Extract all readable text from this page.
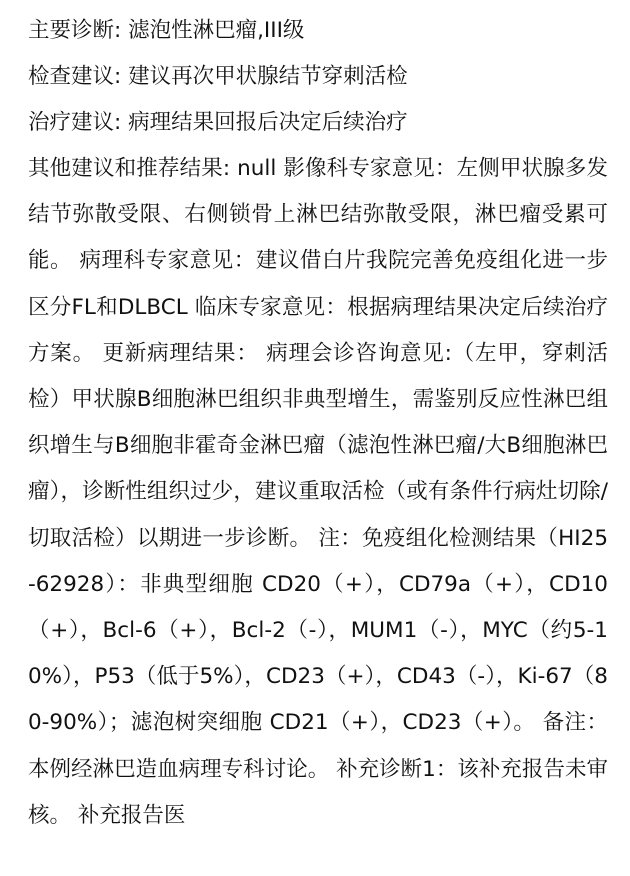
主要诊断: 滤泡性淋巴瘤,III级
检查建议: 建议再次甲状腺结节穿刺活检
治疗建议: 病理结果回报后决定后续治疗
其他建议和推荐结果: null 影像科专家意见：左侧甲状腺多发结节弥散受限、右侧锁骨上淋巴结弥散受限，淋巴瘤受累可能。 病理科专家意见：建议借白片我院完善免疫组化进一步区分FL和DLBCL 临床专家意见：根据病理结果决定后续治疗方案。 更新病理结果： 病理会诊咨询意见:（左甲，穿刺活检）甲状腺B细胞淋巴组织非典型增生，需鉴别反应性淋巴组织增生与B细胞非霍奇金淋巴瘤（滤泡性淋巴瘤/大B细胞淋巴瘤），诊断性组织过少，建议重取活检（或有条件行病灶切除/切取活检）以期进一步诊断。 注：免疫组化检测结果（HI25-62928）：非典型细胞 CD20（+），CD79a（+），CD10（+），Bcl-6（+），Bcl-2（-），MUM1（-），MYC（约5-10%），P53（低于5%），CD23（+），CD43（-），Ki-67（80-90%）；滤泡树突细胞 CD21（+），CD23（+）。 备注：本例经淋巴造血病理专科讨论。 补充诊断1：该补充报告未审核。 补充报告医
